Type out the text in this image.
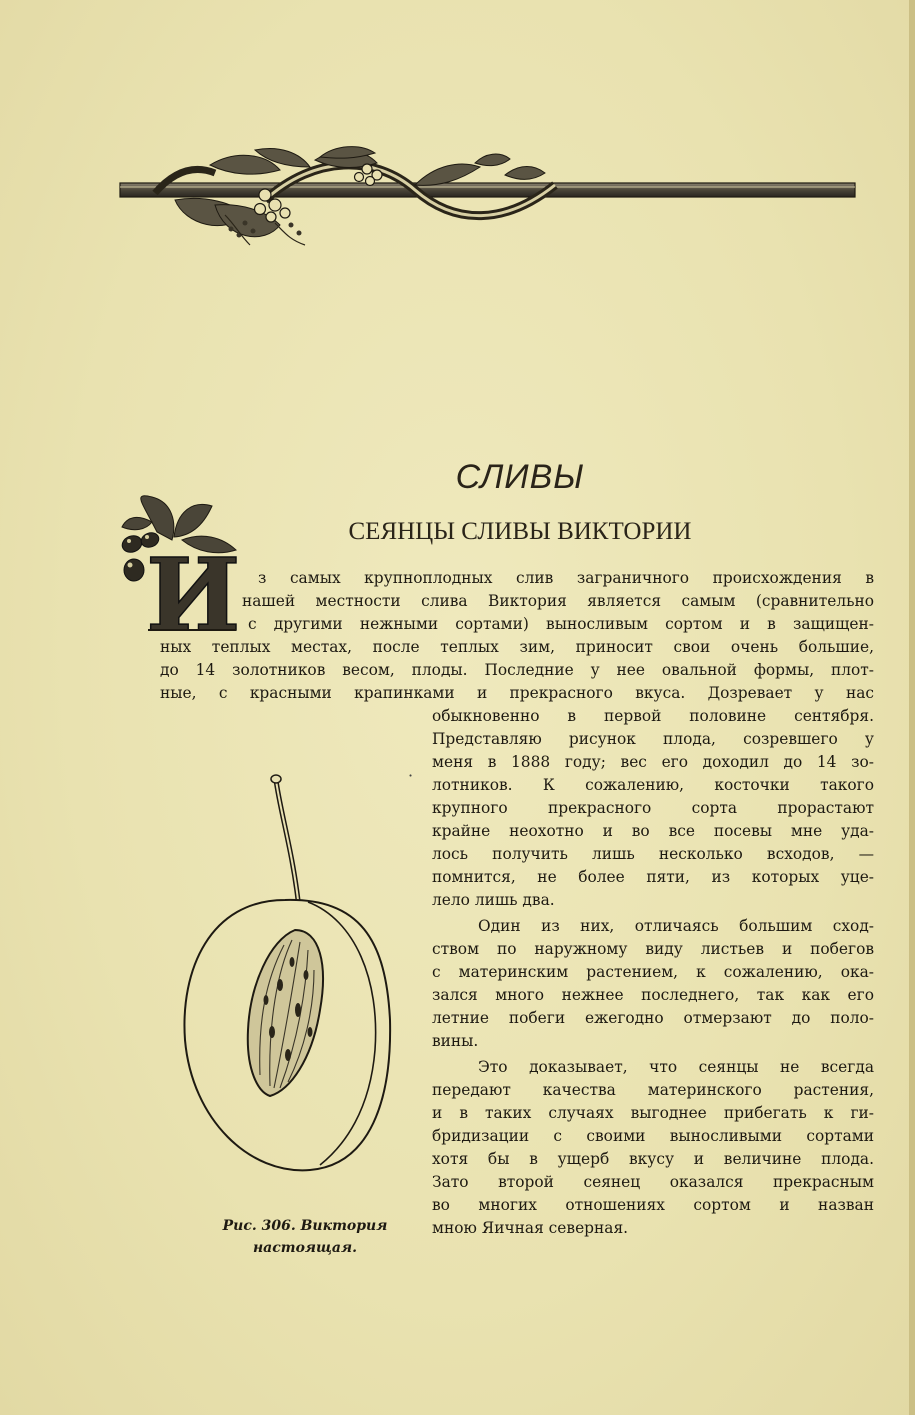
СЛИВЫ
СЕЯНЦЫ СЛИВЫ ВИКТОРИИ
И з самых крупноплодных слив заграничного происхождения в
нашей местности слива Виктория является самым (сравнительно
с другими нежными сортами) выносливым сортом и в защищен-
ных теплых местах, после теплых зим, приносит свои очень большие,
до 14 золотников весом, плоды. Последние у нее овальной формы, плот-
ные, с красными крапинками и прекрасного вкуса. Дозревает у нас
обыкновенно в первой половине сентября.
Представляю рисунок плода, созревшего у
меня в 1888 году; вес его доходил до 14 зо-
лотников. К сожалению, косточки такого
крупного прекрасного сорта прорастают
крайне неохотно и во все посевы мне уда-
лось получить лишь несколько всходов, —
помнится, не более пяти, из которых уце-
лело лишь два.
Один из них, отличаясь большим сход-
ством по наружному виду листьев и побегов
с материнским растением, к сожалению, ока-
зался много нежнее последнего, так как его
летние побеги ежегодно отмерзают до поло-
вины.
Это доказывает, что сеянцы не всегда
передают качества материнского растения,
и в таких случаях выгоднее прибегать к ги-
бридизации с своими выносливыми сортами
хотя бы в ущерб вкусу и величине плода.
Зато второй сеянец оказался прекрасным
во многих отношениях сортом и назван
мною Яичная северная.
·
Рис. 306. Виктория
настоящая.
